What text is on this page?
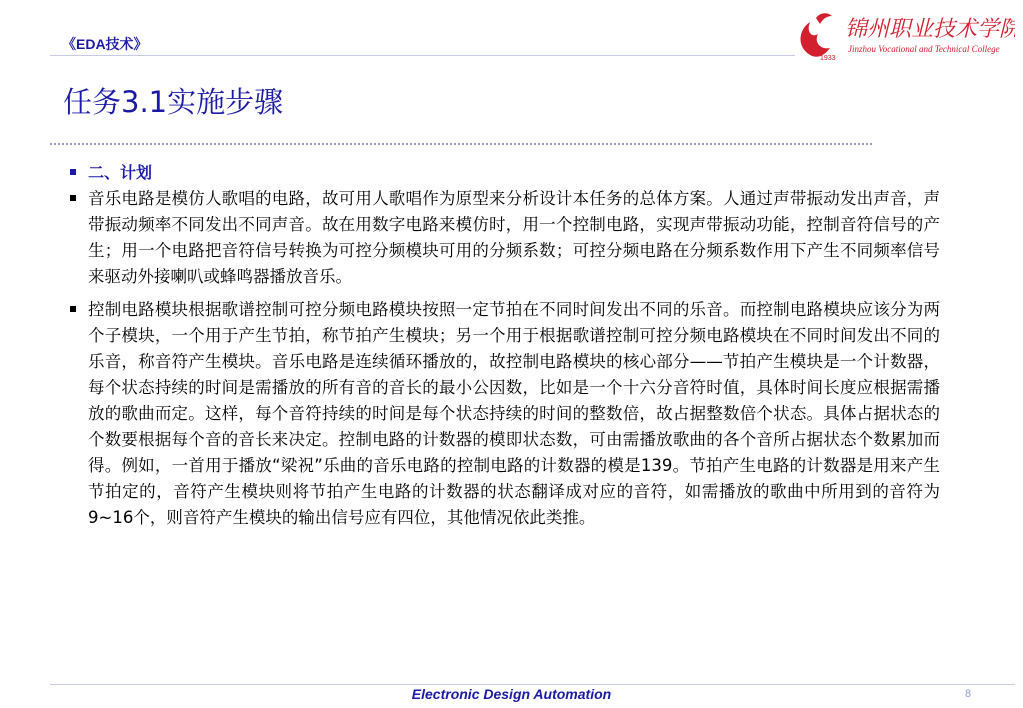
《EDA技术》
1933
锦州职业技术学院
Jinzhou Vocational and Technical College
任务3.1实施步骤
二、计划
音乐电路是模仿人歌唱的电路，故可用人歌唱作为原型来分析设计本任务的总体方案。人通过声带振动发出声音，声带振动频率不同发出不同声音。故在用数字电路来模仿时，用一个控制电路，实现声带振动功能，控制音符信号的产生；用一个电路把音符信号转换为可控分频模块可用的分频系数；可控分频电路在分频系数作用下产生不同频率信号来驱动外接喇叭或蜂鸣器播放音乐。
控制电路模块根据歌谱控制可控分频电路模块按照一定节拍在不同时间发出不同的乐音。而控制电路模块应该分为两个子模块，一个用于产生节拍，称节拍产生模块；另一个用于根据歌谱控制可控分频电路模块在不同时间发出不同的乐音，称音符产生模块。音乐电路是连续循环播放的，故控制电路模块的核心部分——节拍产生模块是一个计数器，每个状态持续的时间是需播放的所有音的音长的最小公因数，比如是一个十六分音符时值，具体时间长度应根据需播放的歌曲而定。这样，每个音符持续的时间是每个状态持续的时间的整数倍，故占据整数倍个状态。具体占据状态的个数要根据每个音的音长来决定。控制电路的计数器的模即状态数，可由需播放歌曲的各个音所占据状态个数累加而得。例如，一首用于播放“梁祝”乐曲的音乐电路的控制电路的计数器的模是139。节拍产生电路的计数器是用来产生节拍定的，音符产生模块则将节拍产生电路的计数器的状态翻译成对应的音符，如需播放的歌曲中所用到的音符为9~16个，则音符产生模块的输出信号应有四位，其他情况依此类推。
Electronic Design Automation	8
